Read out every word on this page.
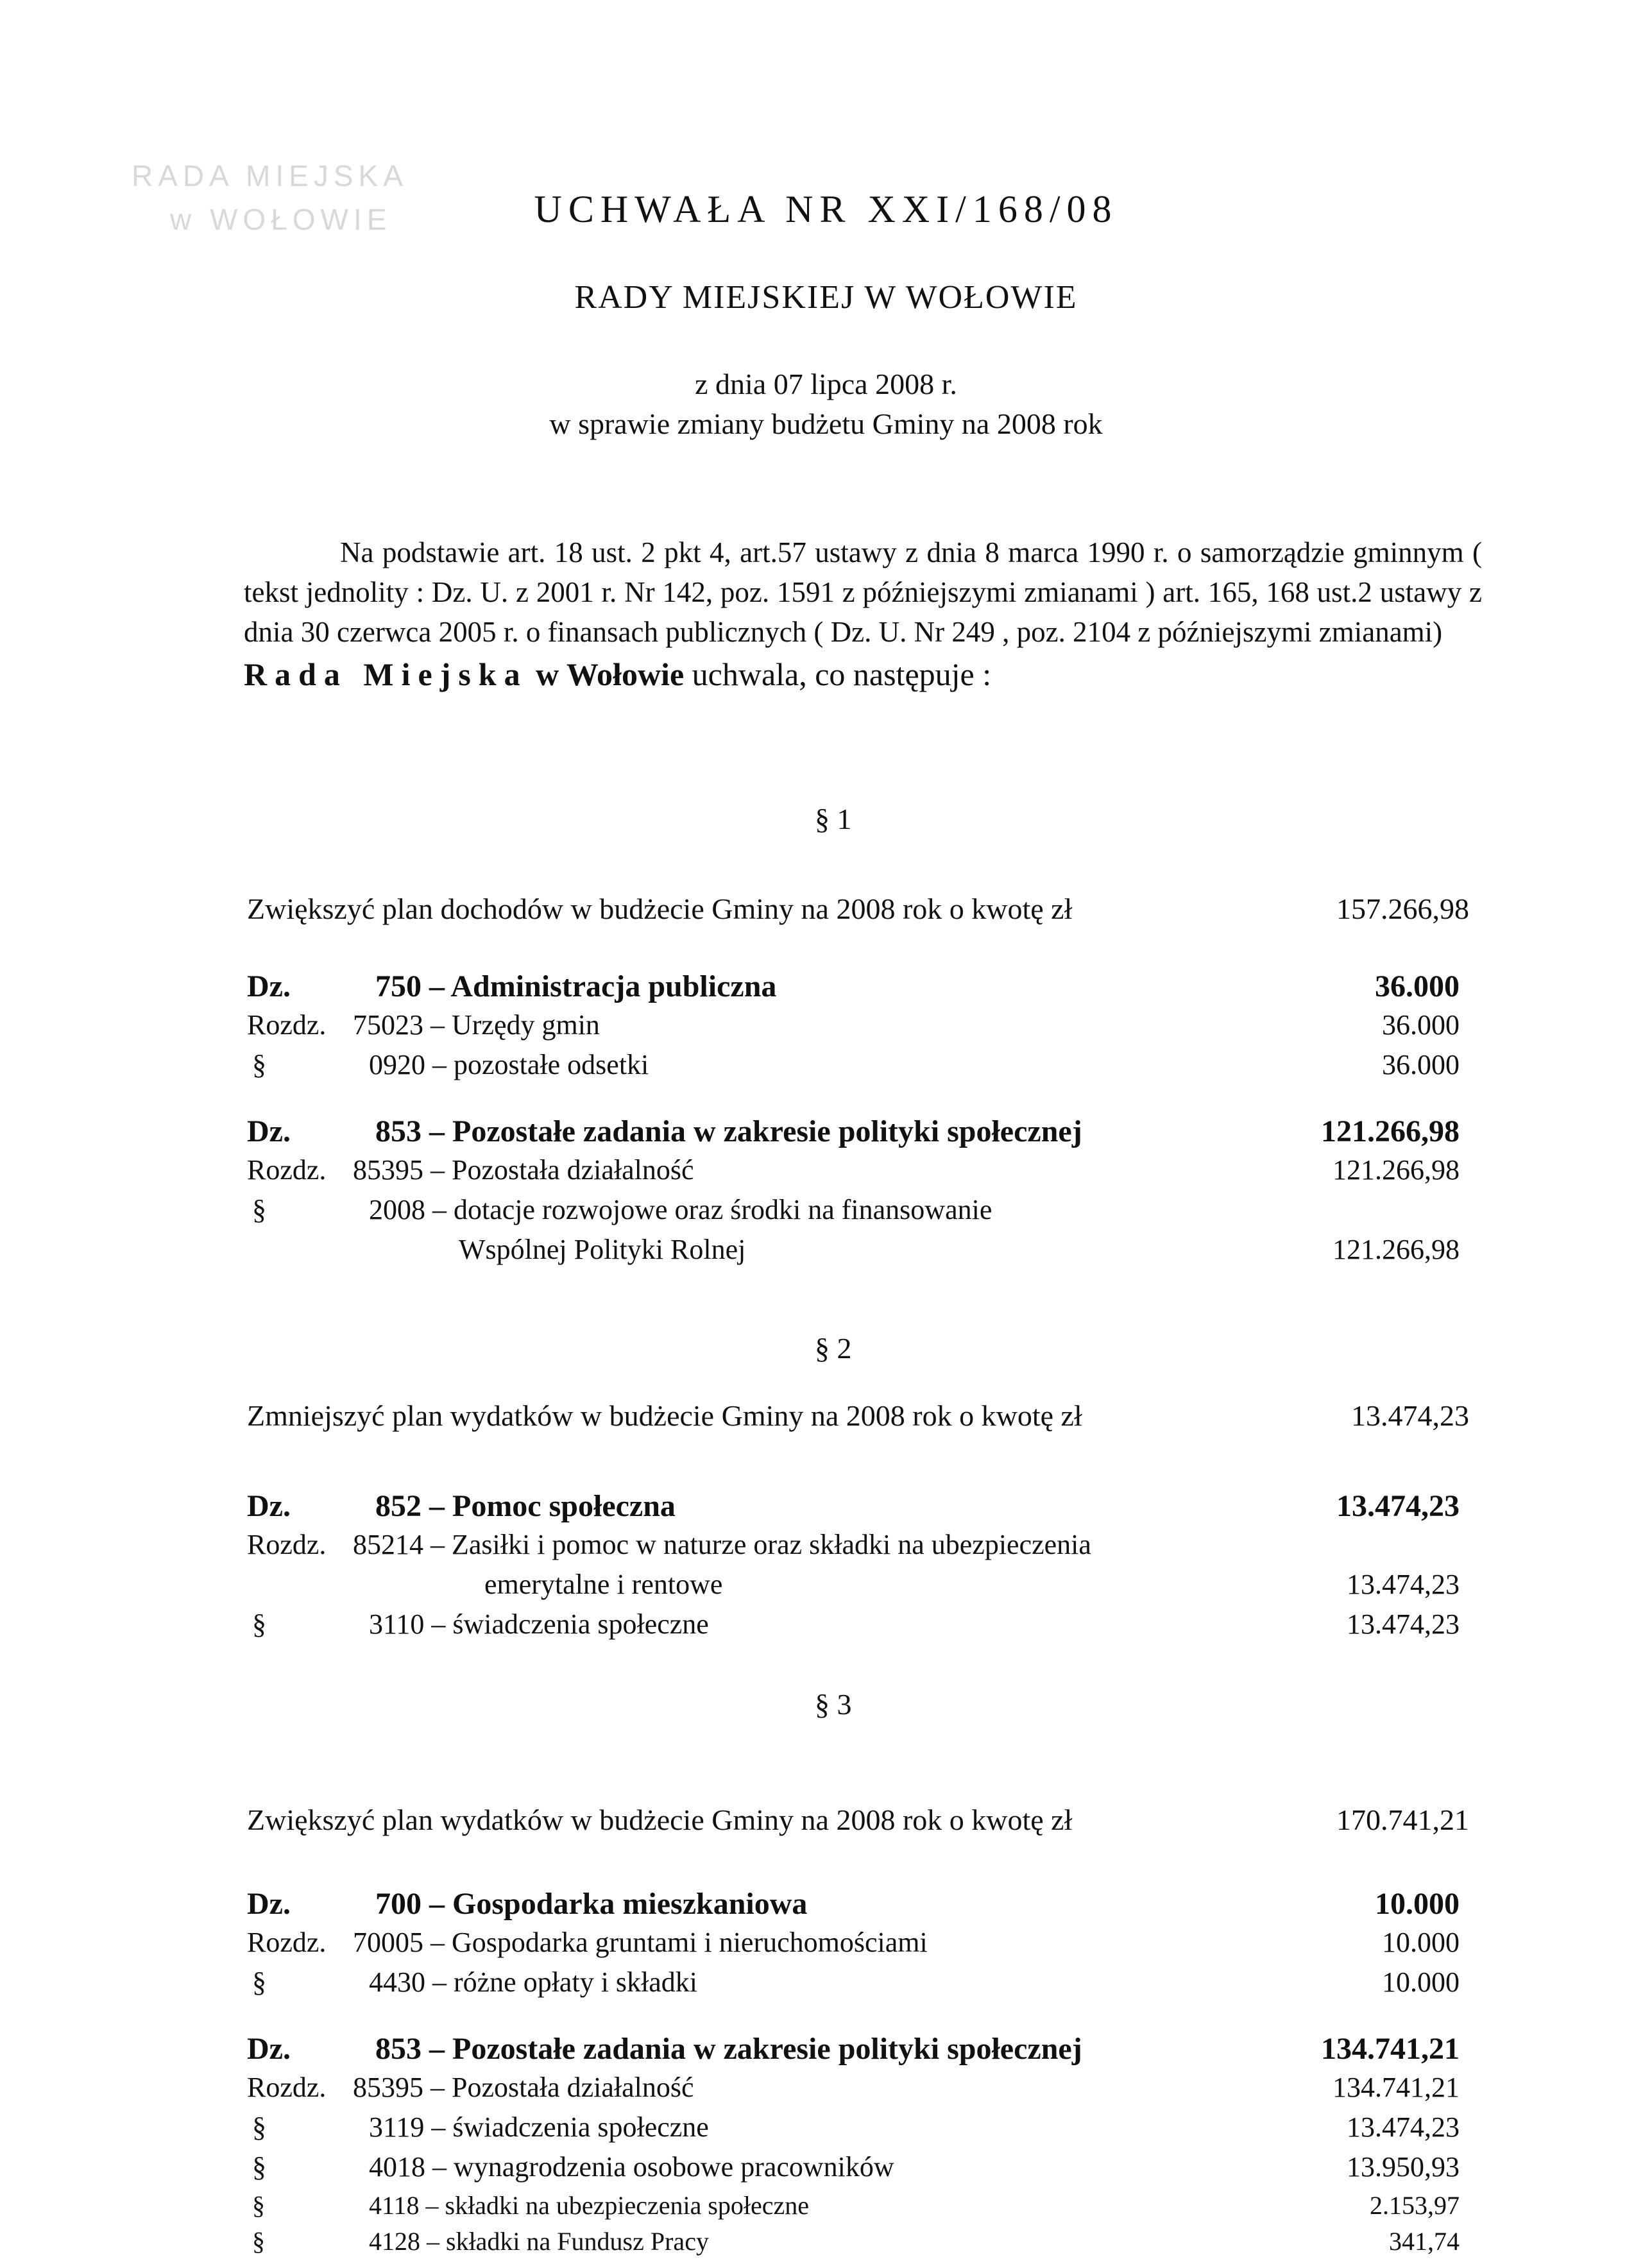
RADA MIEJSKA
w WOŁOWIE	UCHWAŁA NR XXI/168/08
RADY MIEJSKIEJ W WOŁOWIE
z dnia 07 lipca 2008 r.
w sprawie zmiany budżetu Gminy na 2008 rok
Na podstawie art. 18 ust. 2 pkt 4, art.57 ustawy z dnia 8 marca 1990 r. o samorządzie gminnym ( tekst jednolity : Dz. U. z 2001 r. Nr 142, poz. 1591 z późniejszymi zmianami ) art. 165, 168 ust.2 ustawy z dnia 30 czerwca 2005 r. o finansach publicznych ( Dz. U. Nr 249 , poz. 2104 z późniejszymi zmianami)
Rada Miejska w Wołowie uchwala, co następuje :
§ 1
Zwiększyć plan dochodów w budżecie Gminy na 2008 rok o kwotę zł	157.266,98
Dz.	750 – Administracja publiczna	36.000
Rozdz. 75023 – Urzędy gmin	36.000
§	0920 – pozostałe odsetki	36.000
Dz.	853 – Pozostałe zadania w zakresie polityki społecznej	121.266,98
Rozdz. 85395 – Pozostała działalność	121.266,98
§	2008 – dotacje rozwojowe oraz środki na finansowanie
Wspólnej Polityki Rolnej	121.266,98
§ 2
Zmniejszyć plan wydatków w budżecie Gminy na 2008 rok o kwotę zł	13.474,23
Dz.	852 – Pomoc społeczna	13.474,23
Rozdz. 85214 – Zasiłki i pomoc w naturze oraz składki na ubezpieczenia
emerytalne i rentowe	13.474,23
§	3110 – świadczenia społeczne	13.474,23
§ 3
Zwiększyć plan wydatków w budżecie Gminy na 2008 rok o kwotę zł	170.741,21
Dz.	700 – Gospodarka mieszkaniowa	10.000
Rozdz. 70005 – Gospodarka gruntami i nieruchomościami	10.000
§	4430 – różne opłaty i składki	10.000
Dz.	853 – Pozostałe zadania w zakresie polityki społecznej	134.741,21
Rozdz. 85395 – Pozostała działalność	134.741,21
§	3119 – świadczenia społeczne	13.474,23
§	4018 – wynagrodzenia osobowe pracowników	13.950,93
§	4118 – składki na ubezpieczenia społeczne	2.153,97
§	4128 – składki na Fundusz Pracy	341,74
